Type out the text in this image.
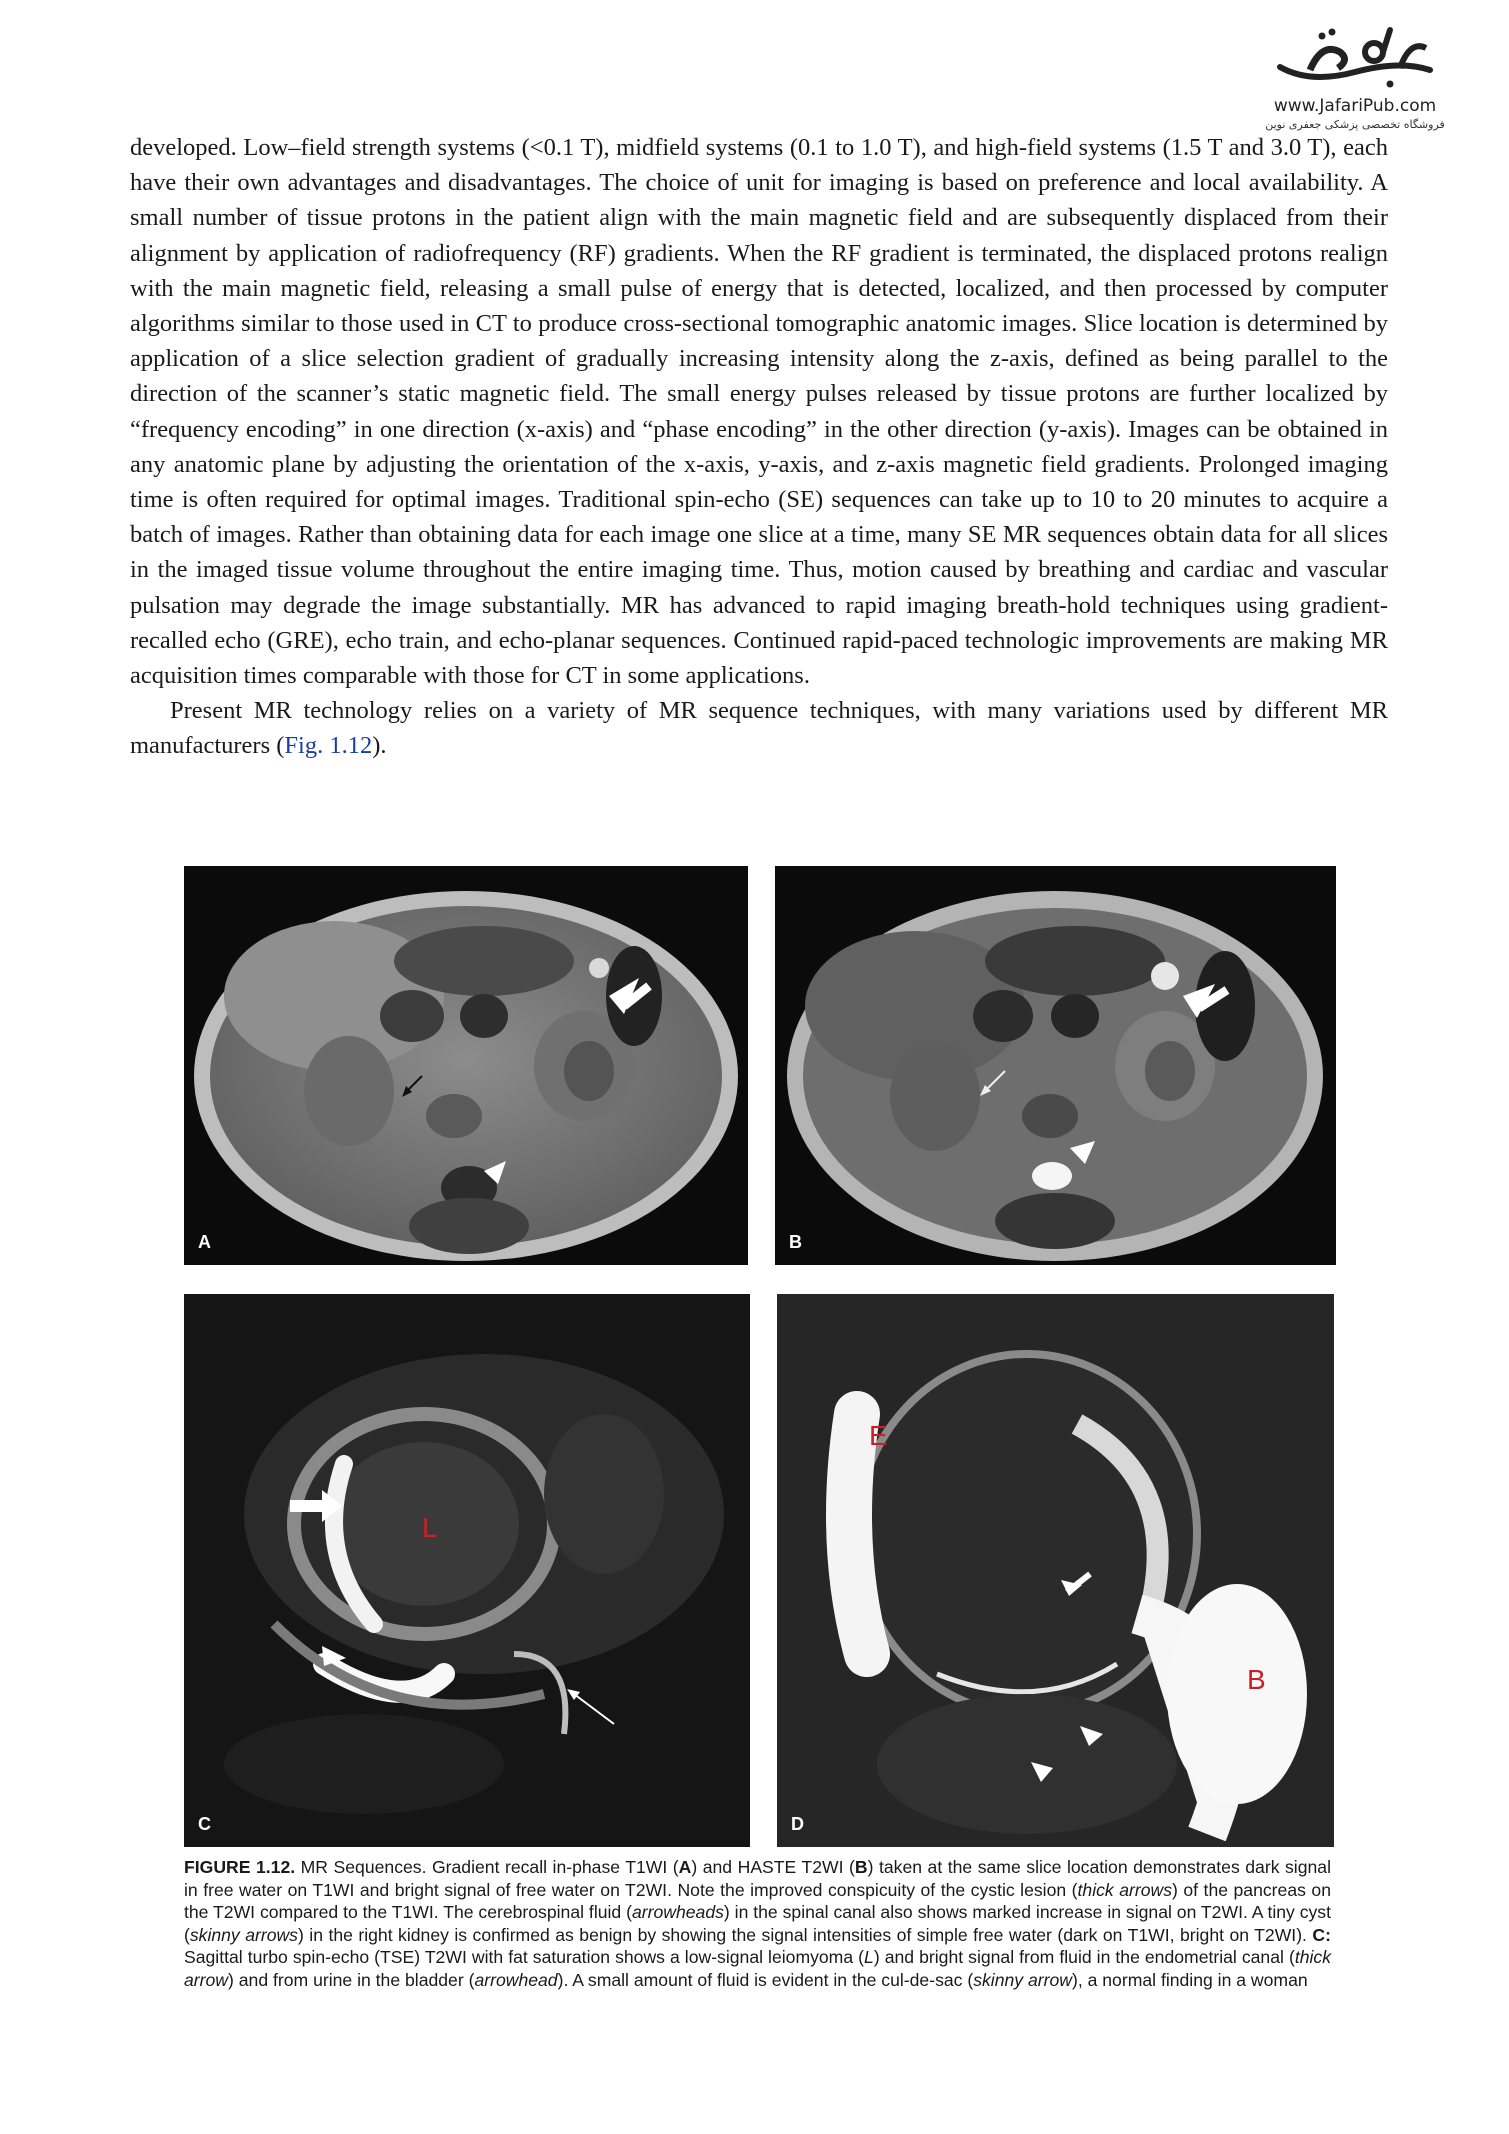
www.JafariPub.com
فروشگاه تخصصی پزشکی جعفری نوین

developed. Low–field strength systems (<0.1 T), midfield systems (0.1 to 1.0 T), and high-field systems (1.5 T and 3.0 T), each have their own advantages and disadvantages. The choice of unit for imaging is based on preference and local availability. A small number of tissue protons in the patient align with the main magnetic field and are subsequently displaced from their alignment by application of radiofrequency (RF) gradients. When the RF gradient is terminated, the displaced protons realign with the main magnetic field, releasing a small pulse of energy that is detected, localized, and then processed by computer algorithms similar to those used in CT to produce cross-sectional tomographic anatomic images. Slice location is determined by application of a slice selection gradient of gradually increasing intensity along the z-axis, defined as being parallel to the direction of the scanner’s static magnetic field. The small energy pulses released by tissue protons are further localized by “frequency encoding” in one direction (x-axis) and “phase encoding” in the other direction (y-axis). Images can be obtained in any anatomic plane by adjusting the orientation of the x-axis, y-axis, and z-axis magnetic field gradients. Prolonged imaging time is often required for optimal images. Traditional spin-echo (SE) sequences can take up to 10 to 20 minutes to acquire a batch of images. Rather than obtaining data for each image one slice at a time, many SE MR sequences obtain data for all slices in the imaged tissue volume throughout the entire imaging time. Thus, motion caused by breathing and cardiac and vascular pulsation may degrade the image substantially. MR has advanced to rapid imaging breath-hold techniques using gradient-recalled echo (GRE), echo train, and echo-planar sequences. Continued rapid-paced technologic improvements are making MR acquisition times comparable with those for CT in some applications.

Present MR technology relies on a variety of MR sequence techniques, with many variations used by different MR manufacturers (Fig. 1.12).

A	B
L
C
E
B
D
FIGURE 1.12. MR Sequences. Gradient recall in-phase T1WI (A) and HASTE T2WI (B) taken at the same slice location demonstrates dark signal in free water on T1WI and bright signal of free water on T2WI. Note the improved conspicuity of the cystic lesion (thick arrows) of the pancreas on the T2WI compared to the T1WI. The cerebrospinal fluid (arrowheads) in the spinal canal also shows marked increase in signal on T2WI. A tiny cyst (skinny arrows) in the right kidney is confirmed as benign by showing the signal intensities of simple free water (dark on T1WI, bright on T2WI). C: Sagittal turbo spin-echo (TSE) T2WI with fat saturation shows a low-signal leiomyoma (L) and bright signal from fluid in the endometrial canal (thick arrow) and from urine in the bladder (arrowhead). A small amount of fluid is evident in the cul-de-sac (skinny arrow), a normal finding in a woman
